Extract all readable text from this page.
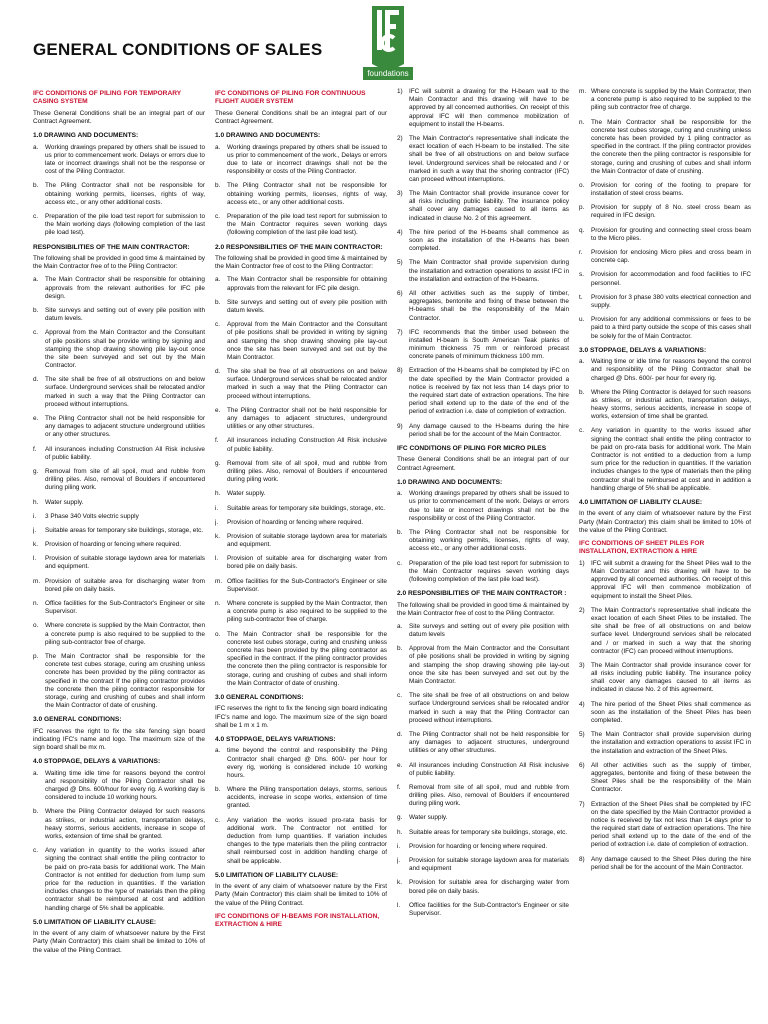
GENERAL CONDITIONS OF SALES
foundations
IFC CONDITIONS OF PILING FOR TEMPORARY CASING SYSTEM
These General Conditions shall be an integral part of our Contract Agreement.
1.0 DRAWING AND DOCUMENTS:
a.	Working drawings prepared by others shall be issued to us prior to commencement work. Delays or errors due to late or incorrect drawings shall not be the response or cost of the Piling Contractor.
b.	The Piling Contractor shall not be responsible for obtaining working permits, licenses, rights of way, access etc., or any other additional costs.
c.	Preparation of the pile load test report for submission to the Main working days (following completion of the last pile load test).
RESPONSIBILITIES OF THE MAIN CONTRACTOR:
The following shall be provided in good time & maintained by the Main Contractor free of to the Piling Contractor:
a.	The Main Contractor shall be responsible for obtaining approvals from the relevant authorities for IFC pile design.
b.	Site surveys and setting out of every pile position with datum levels.
c.	Approval from the Main Contractor and the Consultant of pile positions shall be provide writing by signing and stamping the shop drawing showing pile lay-out once the site been surveyed and set out by the Main Contractor.
d.	The site shall be free of all obstructions on and below surface. Underground services shall be relocated and/or marked in such a way that the Piling Contractor can proceed without interruptions.
e.	The Piling Contractor shall not be held responsible for any damages to adjacent structure underground utilities or any other structures.
f.	All insurances including Construction All Risk inclusive of public liability.
g.	Removal from site of all spoil, mud and rubble from drilling piles. Also, removal of Boulders if encountered during piling work.
h.	Water supply.
i.	3 Phase 340 Volts electric supply
j.	Suitable areas for temporary site buildings, storage, etc.
k.	Provision of hoarding or fencing where required.
l.	Provision of suitable storage laydown area for materials and equipment.
m. Provision of suitable area for discharging water from bored pile on daily basis.
n.	Office facilities for the Sub-Contractor's Engineer or site Supervisor.
o.	Where concrete is supplied by the Main Contractor, then a concrete pump is also required to be supplied to the piling sub-contractor free of charge.
p.	The Main Contractor shall be responsible for the concrete test cubes storage, curing am crushing unless concrete has been provided by the piling contractor as specified in the contract If the piling contractor provides the concrete then the piling contractor responsible for storage, curing and crushing of cubes and shall inform the Main Contractor of date of crushing.
3.0 GENERAL CONDITIONS:
IFC reserves the right to fix the site fencing sign board indicating IFC's name and logo. The maximum size of the sign board shall be mx m.
4.0 STOPPAGE, DELAYS & VARIATIONS:
a.	Waiting time idle time for reasons beyond the control and responsibility of the Piling Contractor shall be charged @ Dhs. 600/hour for every rig. A working day is considered to include 10 working hours.
b.	Where the Piling Contractor delayed for such reasons as strikes, or industrial action, transportation delays, heavy storms, serious accidents, increase in scope of works, extension of time shall be granted.
c.	Any variation in quantity to the works issued after signing the contract shall entitle the piling contractor to be paid on pro-rata basis for additional work. The Main Contractor is not entitled for deduction from lump sum price for the reduction in quantities. If the variation includes changes to the type of materials then the piling contractor shall be reimbursed at cost and addition handling charge of 5% shall be applicable.
5.0 LIMITATION OF LIABILITY CLAUSE:
In the event of any claim of whatsoever nature by the First Party (Main Contractor) this claim shall be limited to 10% of the value of the Piling Contract.
IFC CONDITIONS OF PILING FOR CONTINUOUS FLIGHT AUGER SYSTEM
These General Conditions shall be an integral part of our Contract Agreement.
1.0 DRAWING AND DOCUMENTS:
a.	Working drawings prepared by others shall be issued to us prior to commencement of the work., Delays or errors due to late or incorrect drawings shall not be the responsibility or costs of the Piling Contractor.
b.	The Piling Contractor shall not be responsible for obtaining working permits, licenses, rights of way, access etc., or any other additional costs.
c.	Preparation of the pile load test report for submission to the Main Contractor requires seven working days (following completion of the last pile load test).
2.0 RESPONSIBILITIES OF THE MAIN CONTRACTOR:
The following shall be provided in good time & maintained by the Main Contractor free of cost to the Piling Contractor:
a.	The Main Contractor shall be responsible for obtaining approvals from the relevant for IFC pile design.
b.	Site surveys and setting out of every pile position with datum levels.
c.	Approval from the Main Contractor and the Consultant of pile positions shall be provided in writing by signing and stamping the shop drawing showing pile lay-out once the site has been surveyed and set out by the Main Contractor.
d.	The site shall be free of all obstructions on and below surface. Underground services shall be relocated and/or marked in such a way that the Piling Contractor can proceed without interruptions.
e.	The Piling Contractor shall not be held responsible for any damages to adjacent structures, underground utilities or any other structures.
f.	All insurances including Construction All Risk inclusive of public liability.
g.	Removal from site of all spoil, mud and rubble from drilling piles. Also, removal of Boulders if encountered during piling work.
h.	Water supply.
i.	Suitable areas for temporary site buildings, storage, etc.
j.	Provision of hoarding or fencing where required.
k.	Provision of suitable storage laydown area for materials and equipment.
l.	Provision of suitable area for discharging water from bored pile on daily basis.
m. Office facilities for the Sub-Contractor's Engineer or site Supervisor.
n.	Where concrete is supplied by the Main Contractor, then a concrete pump is also required to be supplied to the piling sub-contractor free of charge.
o.	The Main Contractor shall be responsible for the concrete test cubes storage, curing and crushing unless concrete has been provided by the piling contractor as specified in the contract. If the piling contractor provides the concrete then the piling contractor is responsible for storage, curing and crushing of cubes and shall inform the Main Contractor of date of crushing.
3.0 GENERAL CONDITIONS:
IFC reserves the right to fix the fencing sign board indicating IFC's name and logo. The maximum size of the sign board shall be 1 m x 1 m.
4.0 STOPPAGE, DELAYS VARIATIONS:
a.	time beyond the control and responsibility the Piling Contractor shall charged @ Dhs. 600/- per hour for every rig, working is considered include 10 working hours.
b.	Where the Piling transportation delays, storms, serious accidents, increase in scope works, extension of time granted.
c.	Any variation the works issued pro-rata basis for additional work. The Contractor not entitled for deduction from lump quantities. If variation includes changes to the type materials then the piling contractor shall reimbursed cost in addition handling charge of shall be applicable.
5.0 LIMITATION OF LIABILITY CLAUSE:
In the event of any claim of whatsoever nature by the First Party (Main Contractor) this claim shall be limited to 10% of the value of the Piling Contract.
IFC CONDITIONS OF H-BEAMS FOR INSTALLATION, EXTRACTION & HIRE
1) IFC will submit a drawing for the H-beam wall to the Main Contractor and this drawing will have to be approved by all concerned authorities. On receipt of this approval IFC will then commence mobilization of equipment to install the H-beams.
2) The Main Contractor's representative shall indicate the exact location of each H-beam to be installed. The site shall be free of all obstructions on and below surface level. Underground services shall be relocated and / or marked in such a way that the shoring contractor (IFC) can proceed without interruptions.
3) The Main Contractor shall provide insurance cover for all risks including public liability. The insurance policy shall cover any damages caused to all items as indicated in clause No. 2 of this agreement.
4) The hire period of the H-beams shall commence as soon as the installation of the H-beams has been completed.
5) The Main Contractor shall provide supervision during the installation and extraction operations to assist IFC in the installation and extraction of the H-beams.
6) All other activities such as the supply of timber, aggregates, bentonite and fixing of these between the H-beams shall be the responsibility of the Main Contractor.
7) IFC recommends that the timber used between the installed H-beam is South American Teak planks of minimum thickness 75 mm or reinforced precast concrete panels of minimum thickness 100 mm.
8) Extraction of the H-beams shall be completed by IFC on the date specified by the Main Contractor provided a notice is received by fax not less than 14 days prior to the required start date of extraction operations. The hire period shall extend up to the date of the end of the period of extraction i.e. date of completion of extraction.
9) Any damage caused to the H-beams during the hire period shall be for the account of the Main Contractor.
IFC CONDITIONS OF PILING FOR MICRO PILES
These General Conditions shall be an integral part of our Contract Agreement.
1.0 DRAWING AND DOCUMENTS:
a.	Working drawings prepared by others shall be issued to us prior to commencement of the work. Delays or errors due to late or incorrect drawings shall not be the responsibility or cost of the Piling Contractor.
b.	The Piling Contractor shall not be responsible for obtaining working permits, licenses, rights of way, access etc., or any other additional costs.
c.	Preparation of the pile load test report for submission to the Main Contractor requires seven working days (following completion of the last pile load test).
2.0 RESPONSIBILITIES OF THE MAIN CONTRACTOR :
The following shall be provided in good time & maintained by the Main Contractor free of cost to the Piling Contractor.
a.	Site surveys and setting out of every pile position with datum levels
b.	Approval from the Main Contractor and the Consultant of pile positions shall be provided in writing by signing and stamping the shop drawing showing pile lay-out once the site has been surveyed and set out by the Main Contractor.
c.	The site shall be free of all obstructions on and below surface Underground services shall be relocated and/or marked in such a way that the Piling Contractor can proceed without interruptions.
d.	The Piling Contractor shall not be held responsible for any damages to adjacent structures, underground utilities or any other structures.
e.	All insurances including Construction All Risk inclusive of public liability.
f.	Removal from site of all spoil, mud and rubble from drilling piles. Also, removal of Boulders if encountered during piling work.
g.	Water supply.
h.	Suitable areas for temporary site buildings, storage, etc.
i.	Provision for hoarding or fencing where required.
j.	Provision for suitable storage laydown area for materials and equipment
k.	Provision for suitable area for discharging water from bored pile on daily basis.
l.	Office facilities for the Sub-Contractor's Engineer or site Supervisor.
m. Where concrete is supplied by the Main Contractor, then a concrete pump is also required to be supplied to the piling sub contractor free of charge.
n.	The Main Contractor shall be responsible for the concrete test cubes storage, curing and crushing unless concrete has been provided by 1 piling contractor as specified in the contract. If the piling contractor provides the concrete then the piling contractor is responsible for storage, curing and crushing of cubes and shall inform the Main Contractor of date of crushing.
o.	Provision for coring of the footing to prepare for installation of steel cross beams.
p.	Provision for supply of 8 No. steel cross beam as required in IFC design.
q.	Provision for grouting and connecting steel cross beam to the Micro piles.
r.	Provision for enclosing Micro piles and cross beam in concrete cap.
s.	Provision for accommodation and food facilities to IFC personnel.
t.	Provision for 3 phase 380 volts electrical connection and supply.
u.	Provision for any additional commissions or fees to be paid to a third party outside the scope of this cases shall be solely for the of Main Contractor.
3.0 STOPPAGE, DELAYS & VARIATIONS:
a.	Waiting time or idle time for reasons beyond the control and responsibility of the Piling Contractor shall be charged @ Dhs. 600/- per hour for every rig.
b.	Where the Piling Contractor is delayed for such reasons as strikes, or industrial action, transportation delays, heavy storms, serious accidents, increase in scope of works, extension of time shall be granted.
c.	Any variation in quantity to the works issued after signing the contract shall entitle the piling contractor to be paid on pro-rata basis for additional work. The Main Contractor is not entitled to a deduction from a lump sum price for the reduction in quantities. If the variation includes changes to the type of materials then the piling contractor shall be reimbursed at cost and in addition a handling charge of 5% shall be applicable.
4.0 LIMITATION OF LIABILITY CLAUSE:
In the event of any claim of whatsoever nature by the First Party (Main Contractor) this claim shall be limited to 10% of the value of the Piling Contract.
IFC CONDITIONS OF SHEET PILES FOR INSTALLATION, EXTRACTION & HIRE
1) IFC will submit a drawing for the Sheet Piles wall to the Main Contractor and this drawing will have to be approved by all concerned authorities. On receipt of this approval IFC will then commence mobilization of equipment to install the Sheet Piles.
2) The Main Contractor's representative shall indicate the exact location of each Sheet Piles to be installed. The site shall be free of all obstructions on and below surface level. Underground services shall be relocated and / or marked in such a way that the shoring contractor (IFC) can proceed without interruptions.
3) The Main Contractor shall provide insurance cover for all risks including public liability. The insurance policy shall cover any damages caused to all items as indicated in clause No. 2 of this agreement.
4) The hire period of the Sheet Piles shall commence as soon as the installation of the Sheet Piles has been completed.
5) The Main Contractor shall provide supervision during the installation and extraction operations to assist IFC in the installation and extraction of the Sheet Piles.
6) All other activities such as the supply of timber, aggregates, bentonite and fixing of these between the Sheet Piles shall be the responsibility of the Main Contractor.
7) Extraction of the Sheet Piles shall be completed by IFC on the date specified by the Main Contractor provided a notice is received by fax not less than 14 days prior to the required start date of extraction operations. The hire period shall extend up to the date of the end of the period of extraction i.e. date of completion of extraction.
8) Any damage caused to the Sheet Piles during the hire period shall be for the account of the Main Contractor.
